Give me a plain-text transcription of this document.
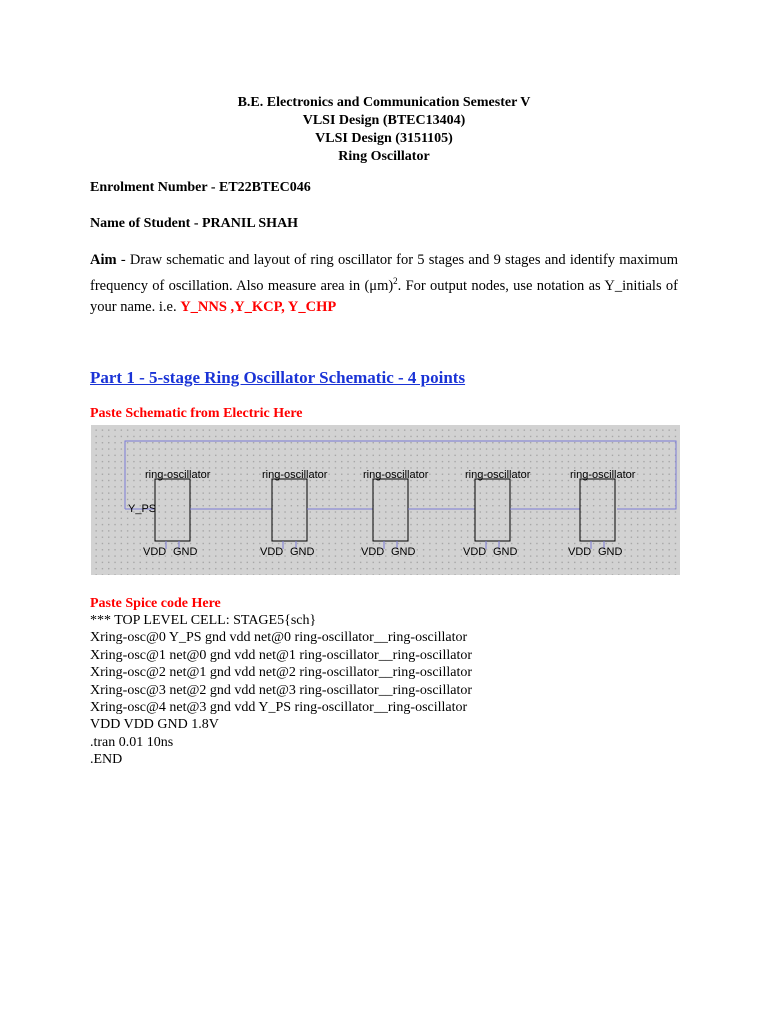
B.E. Electronics and Communication Semester V
VLSI Design (BTEC13404)
VLSI Design (3151105)
Ring Oscillator
Enrolment Number - ET22BTEC046
Name of Student - PRANIL SHAH
Aim - Draw schematic and layout of ring oscillator for 5 stages and 9 stages and identify maximum frequency of oscillation. Also measure area in $(\mu m)^2$. For output nodes, use notation as Y_initials of your name. i.e. Y_NNS ,Y_KCP, Y_CHP
Part 1 - 5-stage Ring Oscillator Schematic - 4 points
Paste Schematic from Electric Here
ring-oscillator
VDD GND
ring-oscillator
VDD GND
ring-oscillator
VDD GND
ring-oscillator
VDD GND
ring-oscillator
VDD GND
Y_PS
Paste Spice code Here
*** TOP LEVEL CELL: STAGE5{sch}
Xring-osc@0 Y_PS gnd vdd net@0 ring-oscillator__ring-oscillator
Xring-osc@1 net@0 gnd vdd net@1 ring-oscillator__ring-oscillator
Xring-osc@2 net@1 gnd vdd net@2 ring-oscillator__ring-oscillator
Xring-osc@3 net@2 gnd vdd net@3 ring-oscillator__ring-oscillator
Xring-osc@4 net@3 gnd vdd Y_PS ring-oscillator__ring-oscillator
VDD VDD GND 1.8V
.tran 0.01 10ns
.END
